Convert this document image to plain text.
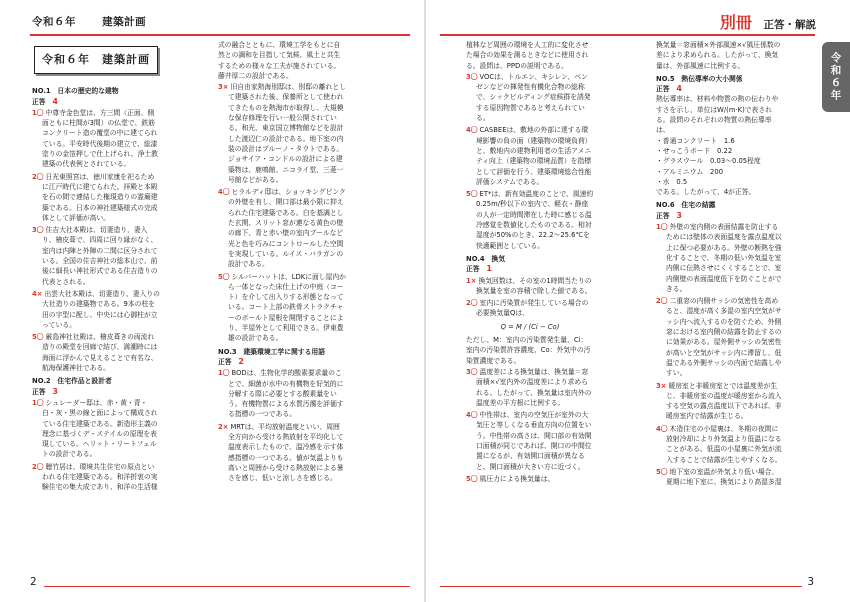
令和６年 建築計画	別冊 正答・解説
令和６年
令和６年　建築計画
NO.1　日本の歴史的な建物
正答　 4
1〇 中尊寺金色堂は、方三間（正面、側面ともに柱間が3間）の仏堂で、鉄筋コンクリート造の覆堂の中に建てられている。平安時代後期の建立で、総漆塗りの金箔押しで仕上げられ、浄土教建築の代表例とされている。
2〇 日光東照宮は、徳川家康を祀るために江戸時代に建てられた。拝殿と本殿を石の間で連結した権現造りの霊廟建築である。日本の神社建築様式の完成体として評価が高い。
3〇 住吉大社本殿は、切妻造り、妻入り、檜皮葺で、四周に回り縁がなく、室内は内陣と外陣の二間に区分されている。全国の住吉神社の総本山で、前後に細長い神社形式である住吉造りの代表とされる。
4× 出雲大社本殿は、切妻造り、妻入りの大社造りの建築物である。9本の柱を田の字型に配し、中央には心御柱が立っている。
5〇 厳島神社社殿は、檜皮葺きの両流れ造りの殿堂を回廊で結び、満潮時には海面に浮かんで見えることで有名な、航海保護神社である。
NO.2　住宅作品と設計者
正答　 3
1〇 シュレーダー邸は、赤・黄・青・白・灰・黒の線と面によって構成されている住宅建築である。新造形主義の理念に基づくデ・ステイルの原理を表現している。ヘリット・リートフェルトの設計である。
2〇 聴竹居は、環境共生住宅の原点といわれる住宅建築である。和洋折衷の実験住宅の集大成であり、和洋の生活様
式の融合とともに、環境工学をもとに自然との調和を目指して気候、風土と共生するための様々な工夫が施されている。藤井厚二の設計である。
3× 旧自由家熱海別邸は、別邸の離れとして建築された後、保養所として使われてきたものを熱海市が取得し、大規模な保存修理を行い一般公開されている。和光、東京国立博物館などを設計した渡辺仁の設計である。地下室の内装の設計はブルーノ・タウトである。ジョサイア・コンドルの設計による建築物は、鹿鳴館、ニコライ堂、三菱一号館などがある。
4〇 ヒラルディ邸は、ショッキングピンクの外壁を有し、開口部は最小限に抑えられた住宅建築である。白を基調とした玄関、スリット窓が連なる黄色の壁の廊下、青と赤い壁の室内プールなど光と色を巧みにコントロールした空間を実現している。ルイス・バラガンの設計である。
5〇 シルバーハットは、LDKに面し屋内から一体となった床仕上げの中庭（コート）を介して出入りする形態となっている。コート上部の鉄骨ストラクチャーのボールト屋根を開閉することにより、半屋外として利用できる。伊東豊雄の設計である。
NO.3　建築環境工学に関する用語
正答　 2
1〇 BODは、生物化学的酸素要求量のことで、細菌が水中の有機物を好気的に分解する際に必要とする酸素量をいう。有機物質による水質汚濁を評価する指標の一つである。
2× MRTは、平均放射温度といい、周囲全方向から受ける熱放射を平均化して温度表示したもので、温冷感を示す体感指標の一つである。値が気温よりも高いと周囲から受ける熱放射による暑さを感じ、低いと涼しさを感じる。
植林など周囲の環境を人工的に変化させた場合の効果を測るときなどに使用される。設問は、PPDの説明である。
3〇 VOCは、トルエン、キシレン、ベンゼンなどの揮発性有機化合物の総称で、シックビルディング症候群を誘発する原因物質であると考えられている。
4〇 CASBEEは、敷地の外部に達する環境影響の負の面（建築物の環境負荷）と、敷地内の建物利用者の生活アメニティ向上（建築物の環境品質）を指標として評価を行う、建築環境総合性能評価システムである。
5〇 ET*は、新有効温度のことで、風速約0.25m/秒以下の室内で、軽衣・静座の人が一定時間滞在した時に感じる温冷感覚を数値化したものである。相対湿度が50%のとき、22.2～25.6℃を快適範囲としている。
NO.4　換気
正答　 1
1× 換気回数は、その室の1時間当たりの換気量を室の容積で除した値である。
2〇 室内に汚染質が発生している場合の必要換気量Qは、
Q = M / (Ci − Co)
ただし、M：室内の汚染質発生量、Ci：室内の汚染質許容濃度、Co：外気中の汚染質濃度である。
3〇 温度差による換気量は、換気量＝窓面積×√室内外の温度差により求められる。したがって、換気量は室内外の温度差の平方根に比例する。
4〇 中性帯は、室内の空気圧が室外の大気圧と等しくなる垂直方向の位置をいう。中性帯の高さは、開口部の有効開口面積が同じであれば、開口の中間位置になるが、有効開口面積が異なると、開口面積が大きい方に近づく。
5〇 風圧力による換気量は、
換気量＝窓面積×外部風速×√風圧係数の差により求められる。したがって、換気量は、外部風速に比例する。
NO.5　熱伝導率の大小関係
正答　 4
熱伝導率は、材料や物質の熱の伝わりやすさを示し、単位はW/(m·K)で表される。設問のそれぞれの物質の熱伝導率は、
・普通コンクリート　 1.6
・せっこうボード　 0.22
・グラスウール　 0.03～0.05程度
・アルミニウム　 200
・水　 0.5
である。したがって、4が正答。
NO.6　住宅の結露
正答　 3
1〇 外壁の室内側の表面結露を防止するためには壁体の表面温度を露点温度以上に保つ必要がある。外壁の断熱を強化することで、冬期の低い外気温を室内側に伝熱させにくくすることで、室内側壁の表面温度低下を防ぐことができる。
2〇 二重窓の内側サッシの気密性を高めると、湿度が高く多湿の室内空気がサッシ内へ流入するのを防ぐため、外側窓における室内側の結露を防止するのに効果がある。屋外側サッシの気密性が高いと空気がサッシ内に滞留し、低温である外側サッシの内面で結露しやすい。
3× 暖房室と非暖房室とでは温度差が生じ、非暖房室の温度が暖房室から流入する空気の露点温度以下であれば、非暖房室内で結露が生じる。
4〇 木造住宅の小屋裏は、冬期の夜間に放射冷却により外気温より低温になることがある。低温の小屋裏に外気が流入することで結露が生じやすくなる。
5〇 地下室の室温が外気より低い場合、夏期に地下室に、換気により高湿多湿
2	3
